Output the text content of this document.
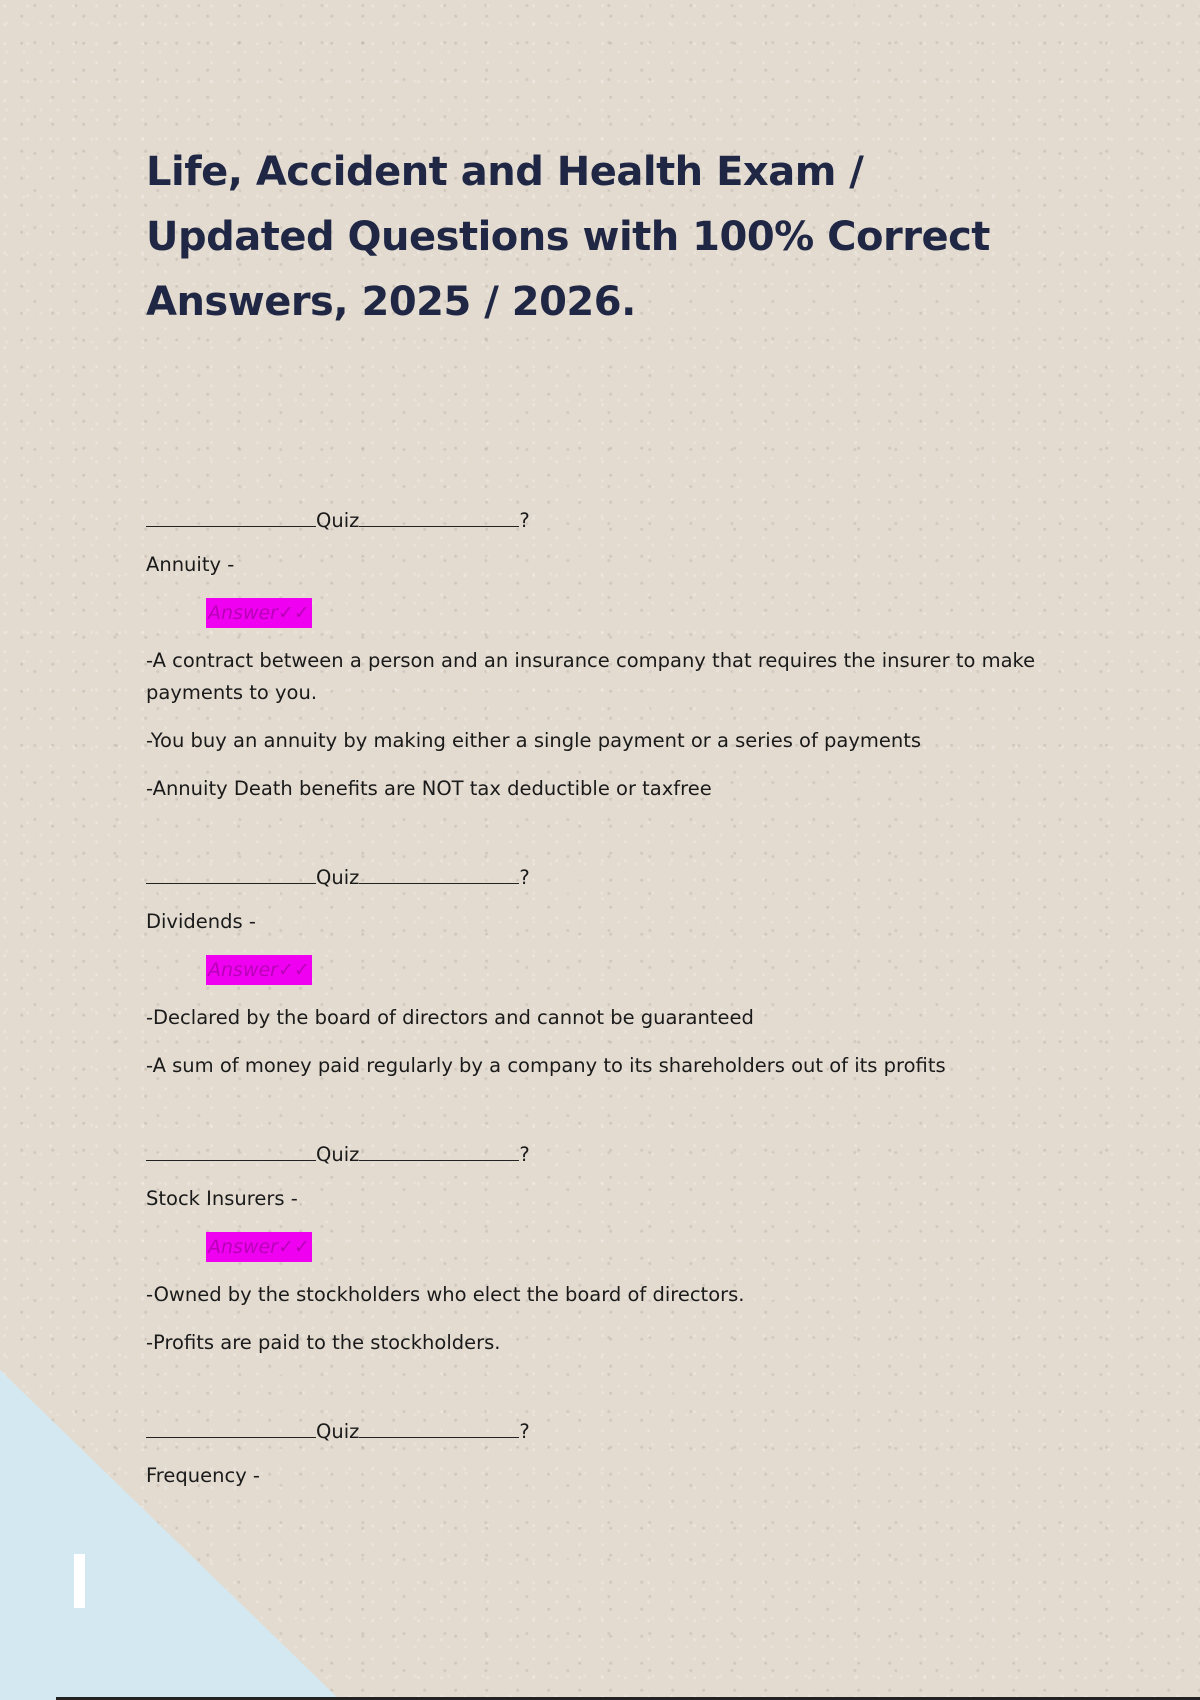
Life, Accident and Health Exam / Updated Questions with 100% Correct Answers, 2025 / 2026.
Quiz	?
Annuity -
Answer✓✓
-A contract between a person and an insurance company that requires the insurer to make payments to you.
-You buy an annuity by making either a single payment or a series of payments
-Annuity Death benefits are NOT tax deductible or taxfree
Quiz	?
Dividends -
Answer✓✓
-Declared by the board of directors and cannot be guaranteed
-A sum of money paid regularly by a company to its shareholders out of its profits
Quiz	?
Stock Insurers -
Answer✓✓
-Owned by the stockholders who elect the board of directors.
-Profits are paid to the stockholders.
Quiz	?
Frequency -
